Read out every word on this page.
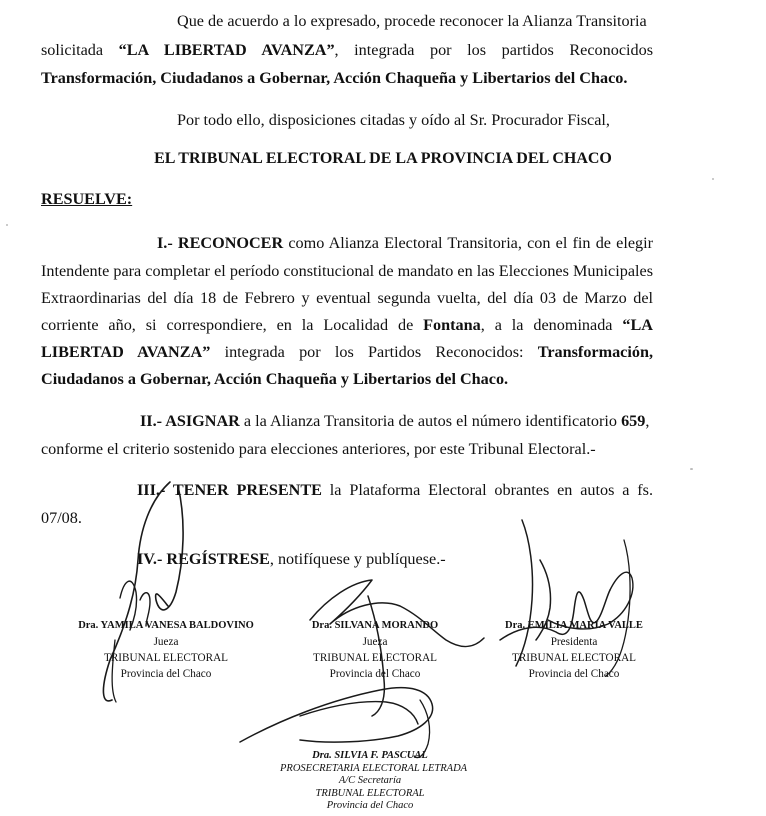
Que de acuerdo a lo expresado, procede reconocer la Alianza Transitoria
solicitada “LA LIBERTAD AVANZA”, integrada por los partidos Reconocidos
Transformación, Ciudadanos a Gobernar, Acción Chaqueña y Libertarios del Chaco.
Por todo ello, disposiciones citadas y oído al Sr. Procurador Fiscal,
EL TRIBUNAL ELECTORAL DE LA PROVINCIA DEL CHACO
RESUELVE:
I.- RECONOCER como Alianza Electoral Transitoria, con el fin de elegir
Intendente para completar el período constitucional de mandato en las Elecciones Municipales
Extraordinarias del día 18 de Febrero y eventual segunda vuelta, del día 03 de Marzo del
corriente año, si correspondiere, en la Localidad de Fontana, a la denominada “LA
LIBERTAD AVANZA” integrada por los Partidos Reconocidos: Transformación,
Ciudadanos a Gobernar, Acción Chaqueña y Libertarios del Chaco.
II.- ASIGNAR a la Alianza Transitoria de autos el número identificatorio 659,
conforme el criterio sostenido para elecciones anteriores, por este Tribunal Electoral.-
III.- TENER PRESENTE la Plataforma Electoral obrantes en autos a fs.
07/08.
IV.- REGÍSTRESE, notifíquese y publíquese.-
Dra. YAMILA VANESA BALDOVINO
Jueza
TRIBUNAL ELECTORAL
Provincia del Chaco
Dra. SILVANA MORANDO
Jueza
TRIBUNAL ELECTORAL
Provincia del Chaco
Dra. EMILIA MARIA VALLE
Presidenta
TRIBUNAL ELECTORAL
Provincia del Chaco
Dra. SILVIA F. PASCUAL
PROSECRETARIA ELECTORAL LETRADA
A/C Secretaría
TRIBUNAL ELECTORAL
Provincia del Chaco
